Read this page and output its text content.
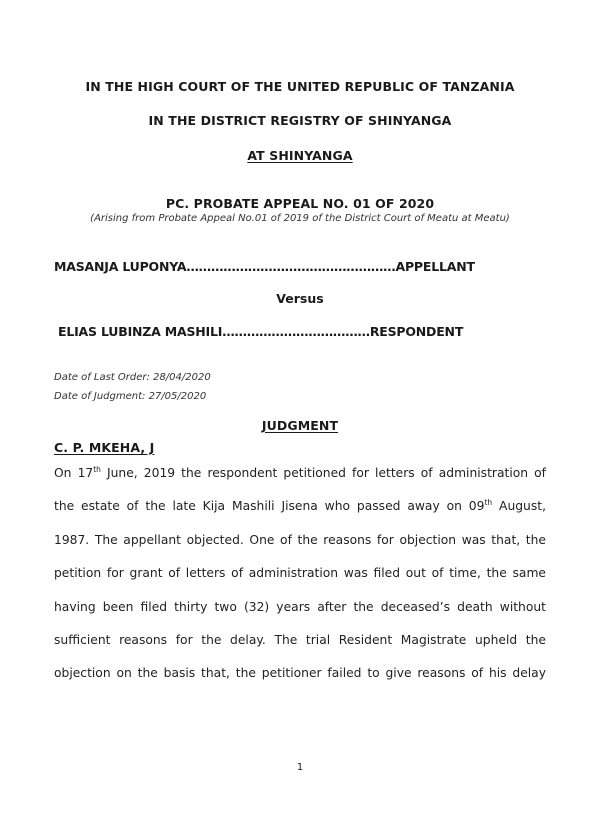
IN THE HIGH COURT OF THE UNITED REPUBLIC OF TANZANIA
IN THE DISTRICT REGISTRY OF SHINYANGA
AT SHINYANGA
PC. PROBATE APPEAL NO. 01 OF 2020
(Arising from Probate Appeal No.01 of 2019 of the District Court of Meatu at Meatu)
MASANJA LUPONYA……………………………………………APPELLANT
Versus
ELIAS LUBINZA MASHILI………………………………RESPONDENT
Date of Last Order: 28/04/2020
Date of Judgment: 27/05/2020
JUDGMENT
C. P. MKEHA, J
On 17th June, 2019 the respondent petitioned for letters of administration of
the estate of the late Kija Mashili Jisena who passed away on 09th August,
1987. The appellant objected. One of the reasons for objection was that, the
petition for grant of letters of administration was filed out of time, the same
having been filed thirty two (32) years after the deceased’s death without
sufficient reasons for the delay. The trial Resident Magistrate upheld the
objection on the basis that, the petitioner failed to give reasons of his delay
1
